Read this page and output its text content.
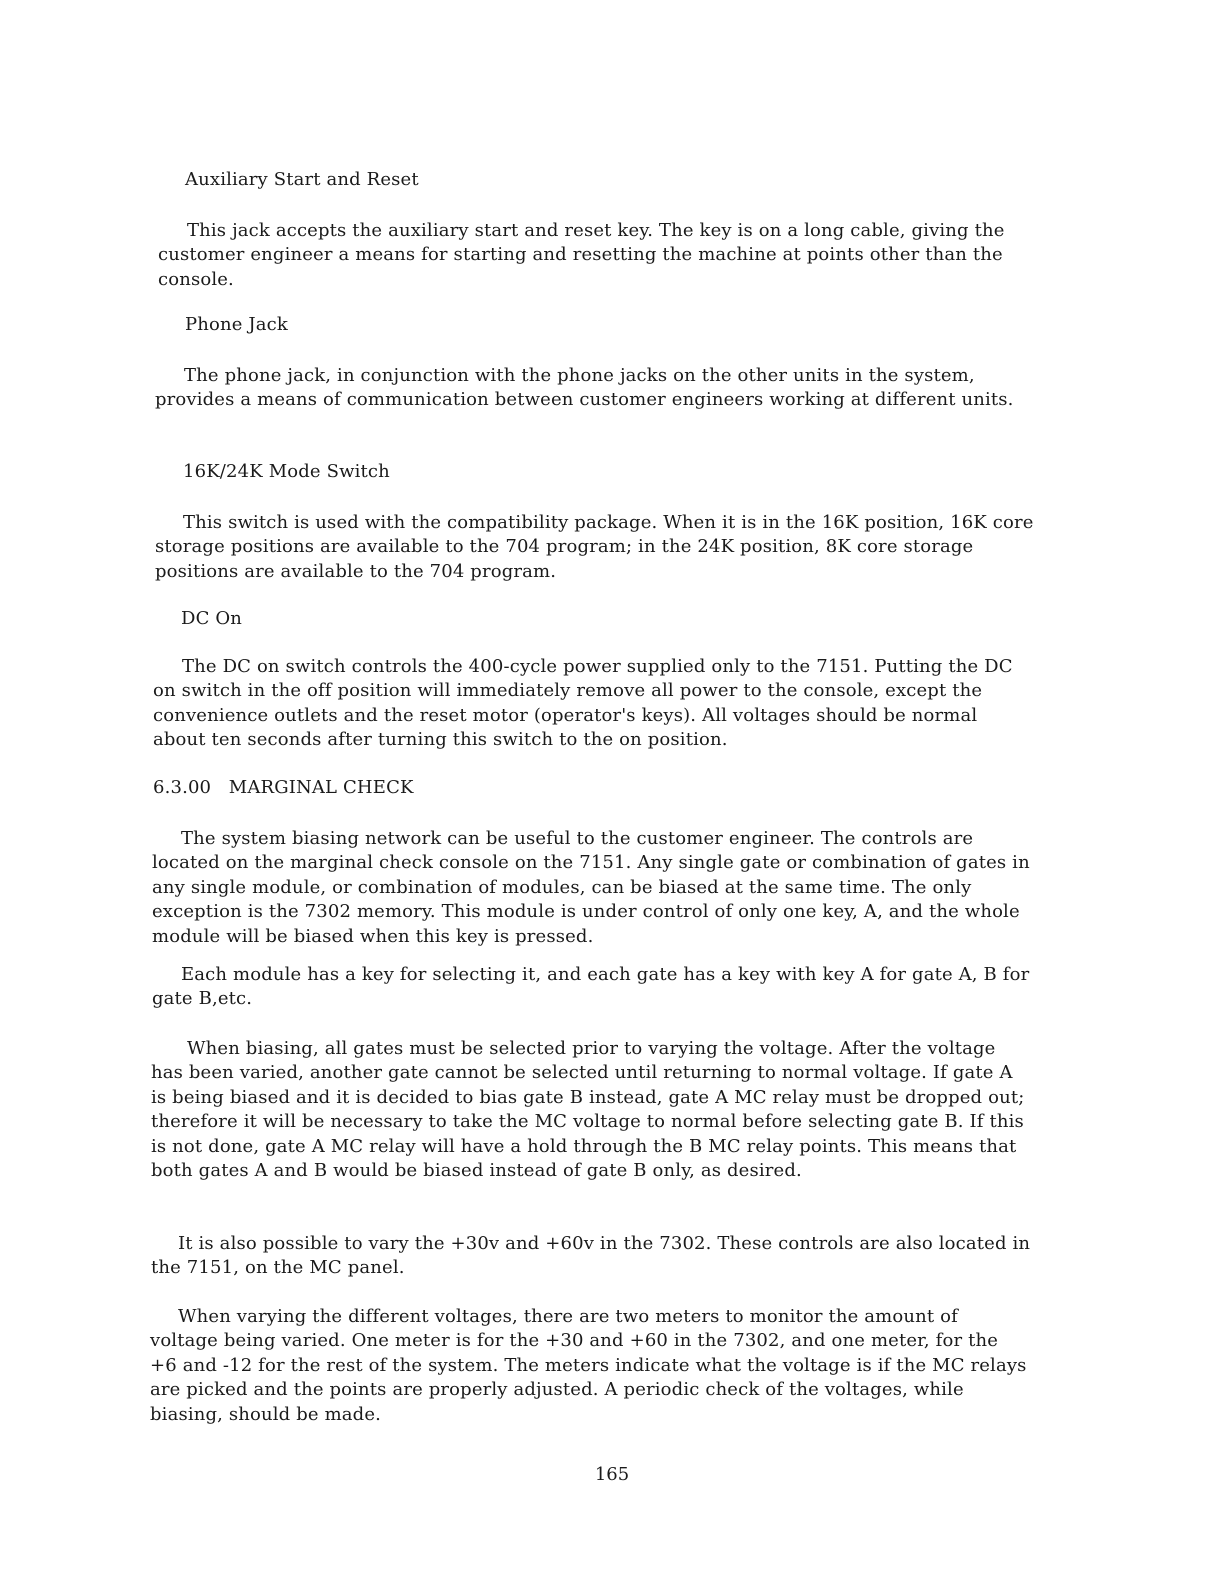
Auxiliary Start and Reset

This jack accepts the auxiliary start and reset key. The key is on a long cable, giving the customer engineer a means for starting and resetting the machine at points other than the console.

Phone Jack

The phone jack, in conjunction with the phone jacks on the other units in the system, provides a means of communication between customer engineers working at different units.

16K/24K Mode Switch

This switch is used with the compatibility package. When it is in the 16K position, 16K core storage positions are available to the 704 program; in the 24K position, 8K core storage positions are available to the 704 program.

DC On

The DC on switch controls the 400-cycle power supplied only to the 7151. Putting the DC on switch in the off position will immediately remove all power to the console, except the convenience outlets and the reset motor (operator's keys). All voltages should be normal about ten seconds after turning this switch to the on position.

6.3.00   MARGINAL CHECK

The system biasing network can be useful to the customer engineer. The controls are located on the marginal check console on the 7151. Any single gate or combination of gates in any single module, or combination of modules, can be biased at the same time. The only exception is the 7302 memory. This module is under control of only one key, A, and the whole module will be biased when this key is pressed.

Each module has a key for selecting it, and each gate has a key with key A for gate A, B for gate B,etc.

When biasing, all gates must be selected prior to varying the voltage. After the voltage has been varied, another gate cannot be selected until returning to normal voltage. If gate A is being biased and it is decided to bias gate B instead, gate A MC relay must be dropped out; therefore it will be necessary to take the MC voltage to normal before selecting gate B. If this is not done, gate A MC relay will have a hold through the B MC relay points. This means that both gates A and B would be biased instead of gate B only, as desired.

It is also possible to vary the +30v and +60v in the 7302. These controls are also located in the 7151, on the MC panel.

When varying the different voltages, there are two meters to monitor the amount of voltage being varied. One meter is for the +30 and +60 in the 7302, and one meter, for the +6 and -12 for the rest of the system. The meters indicate what the voltage is if the MC relays are picked and the points are properly adjusted. A periodic check of the voltages, while biasing, should be made.

165
